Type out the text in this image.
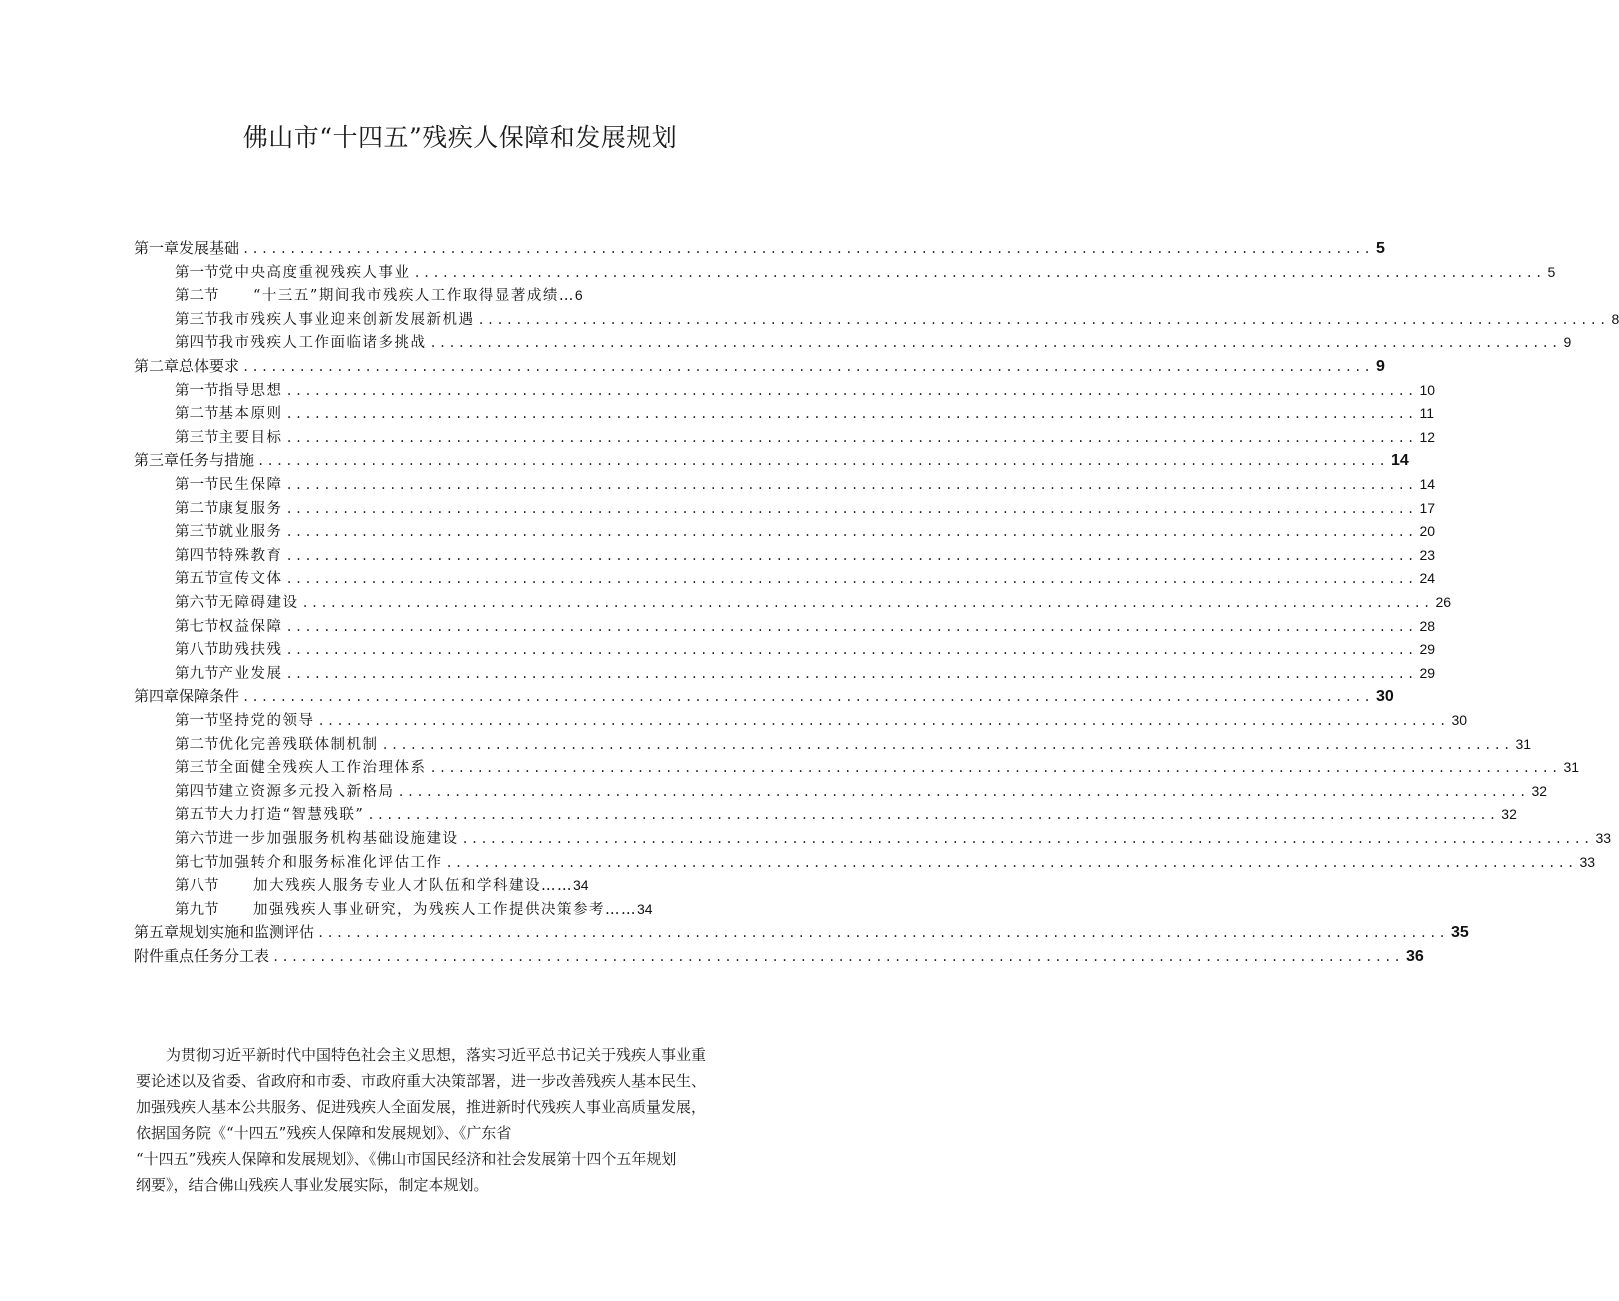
佛山市“十四五”残疾人保障和发展规划
第一章发展基础 ........................................................................................................................ 5
第一节 党中央高度重视残疾人事业 ........................................................................................................................ 5
第二节	“十三五”期间我市残疾人工作取得显著成绩… 6
第三节 我市残疾人事业迎来创新发展新机遇 ........................................................................................................................ 8
第四节 我市残疾人工作面临诸多挑战 ........................................................................................................................ 9
第二章总体要求 ........................................................................................................................ 9
第一节 指导思想 ........................................................................................................................ 10
第二节 基本原则 ........................................................................................................................ 11
第三节 主要目标 ........................................................................................................................ 12
第三章任务与措施 ........................................................................................................................ 14
第一节 民生保障 ........................................................................................................................ 14
第二节 康复服务 ........................................................................................................................ 17
第三节 就业服务 ........................................................................................................................ 20
第四节 特殊教育 ........................................................................................................................ 23
第五节 宣传文体 ........................................................................................................................ 24
第六节 无障碍建设 ........................................................................................................................ 26
第七节 权益保障 ........................................................................................................................ 28
第八节 助残扶残 ........................................................................................................................ 29
第九节 产业发展 ........................................................................................................................ 29
第四章保障条件 ........................................................................................................................ 30
第一节 坚持党的领导 ........................................................................................................................ 30
第二节 优化完善残联体制机制 ........................................................................................................................ 31
第三节 全面健全残疾人工作治理体系 ........................................................................................................................ 31
第四节 建立资源多元投入新格局 ........................................................................................................................ 32
第五节 大力打造“智慧残联” ........................................................................................................................ 32
第六节 进一步加强服务机构基础设施建设 ........................................................................................................................ 33
第七节 加强转介和服务标准化评估工作 ........................................................................................................................ 33
第八节	加大残疾人服务专业人才队伍和学科建设…… 34
第九节	加强残疾人事业研究，为残疾人工作提供决策参考…… 34
第五章规划实施和监测评估 ........................................................................................................................ 35
附件重点任务分工表 ........................................................................................................................ 36

　　为贯彻习近平新时代中国特色社会主义思想，落实习近平总书记关于残疾人事业重

要论述以及省委、省政府和市委、市政府重大决策部署，进一步改善残疾人基本民生、

加强残疾人基本公共服务、促进残疾人全面发展，推进新时代残疾人事业高质量发展，

依据国务院《“十四五”残疾人保障和发展规划》、《广东省

“十四五”残疾人保障和发展规划》、《佛山市国民经济和社会发展第十四个五年规划

纲要》，结合佛山残疾人事业发展实际，制定本规划。
